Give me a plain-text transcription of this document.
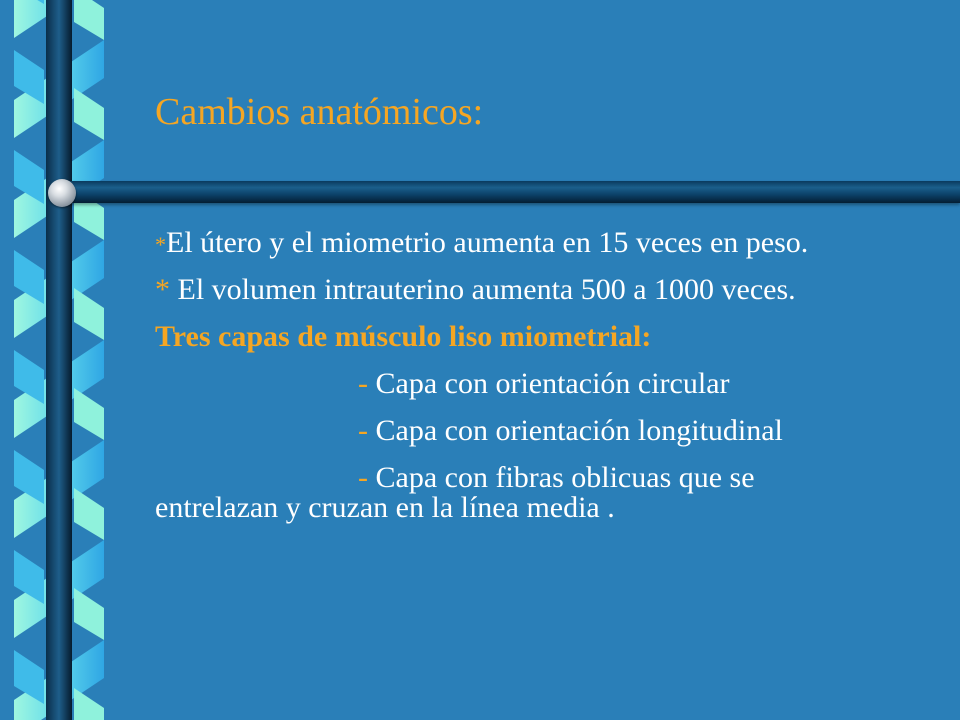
Cambios anatómicos:

*El útero y el miometrio aumenta en 15 veces en peso.

* El volumen intrauterino aumenta 500 a 1000 veces.

Tres capas de músculo liso miometrial:

- Capa con orientación circular

- Capa con orientación longitudinal

- Capa con fibras oblicuas que se entrelazan y cruzan en la línea media .
